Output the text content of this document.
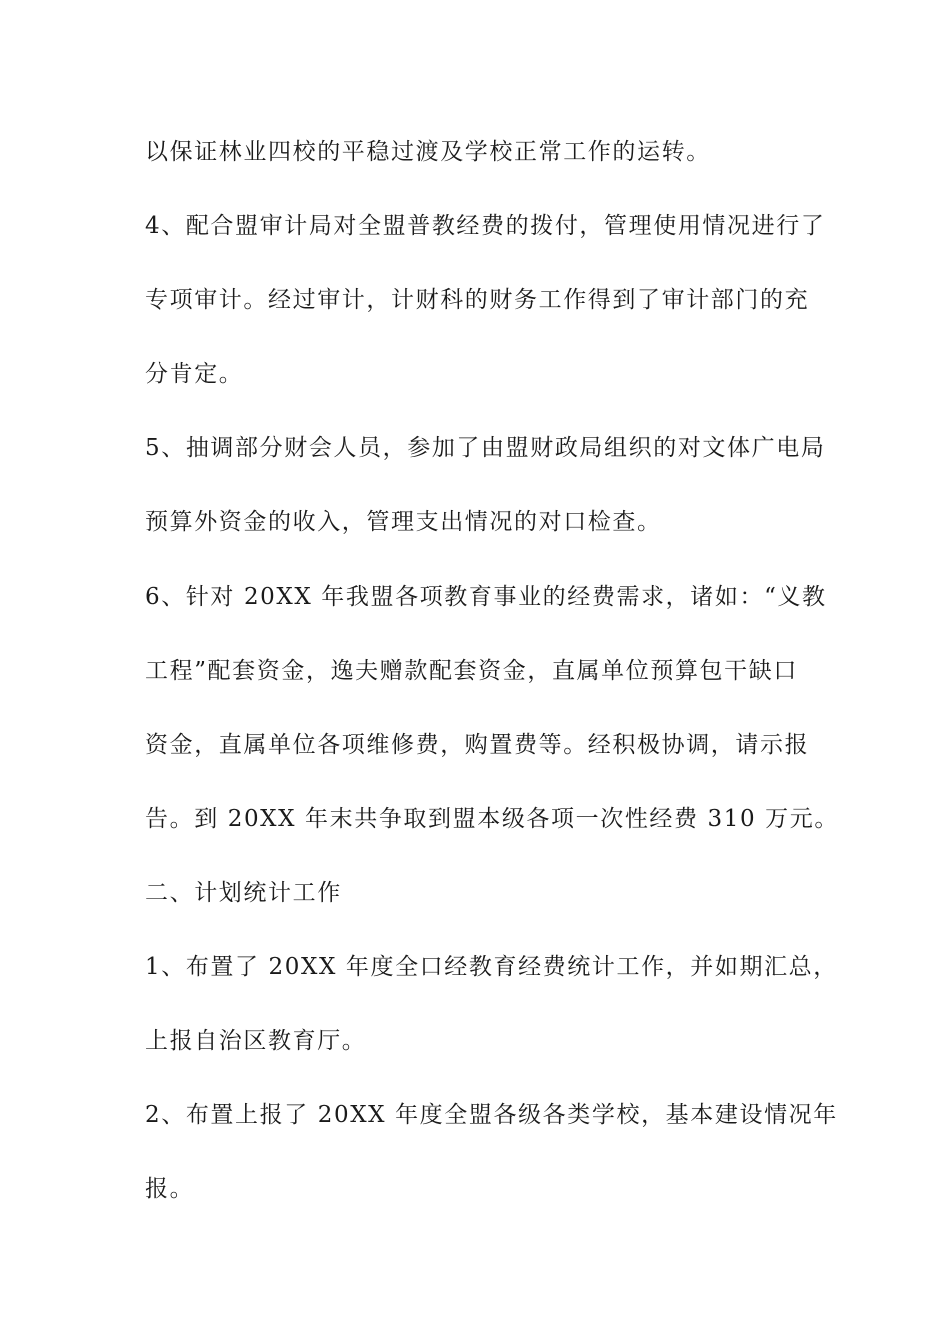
以保证林业四校的平稳过渡及学校正常工作的运转。
4、配合盟审计局对全盟普教经费的拨付，管理使用情况进行了
专项审计。经过审计，计财科的财务工作得到了审计部门的充
分肯定。
5、抽调部分财会人员，参加了由盟财政局组织的对文体广电局
预算外资金的收入，管理支出情况的对口检查。
6、针对 20XX 年我盟各项教育事业的经费需求，诸如：“义教
工程”配套资金，逸夫赠款配套资金，直属单位预算包干缺口
资金，直属单位各项维修费，购置费等。经积极协调，请示报
告。到 20XX 年末共争取到盟本级各项一次性经费 310 万元。
二、计划统计工作
1、布置了 20XX 年度全口经教育经费统计工作，并如期汇总，
上报自治区教育厅。
2、布置上报了 20XX 年度全盟各级各类学校，基本建设情况年
报。
